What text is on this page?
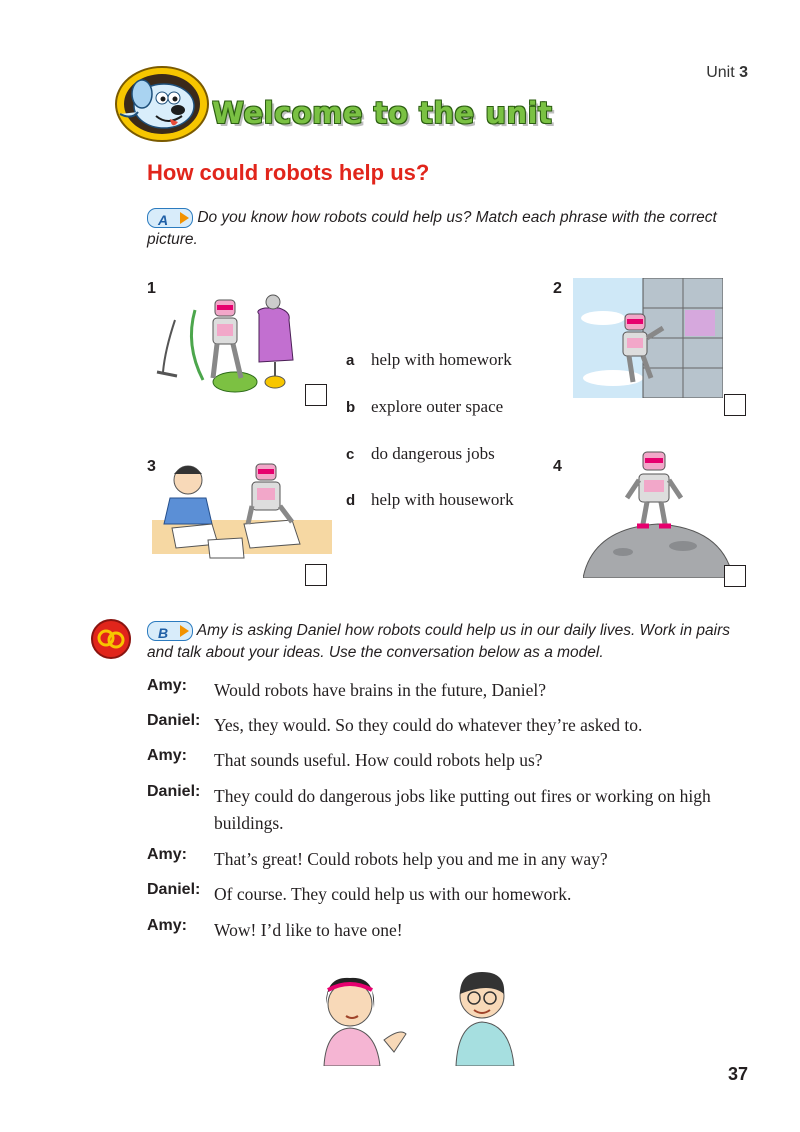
Unit 3
Welcome to the unit
How could robots help us?
A Do you know how robots could help us? Match each phrase with the correct picture.
1	2
3	4
a help with homework
b explore outer space
c do dangerous jobs
d help with housework
B Amy is asking Daniel how robots could help us in our daily lives. Work in pairs and talk about your ideas. Use the conversation below as a model.
Amy:	Would robots have brains in the future, Daniel?
Daniel: Yes, they would. So they could do whatever they’re asked to.
Amy:	That sounds useful. How could robots help us?
Daniel: They could do dangerous jobs like putting out fires or working on high buildings.
Amy:	That’s great! Could robots help you and me in any way?
Daniel: Of course. They could help us with our homework.
Amy:	Wow! I’d like to have one!
37
